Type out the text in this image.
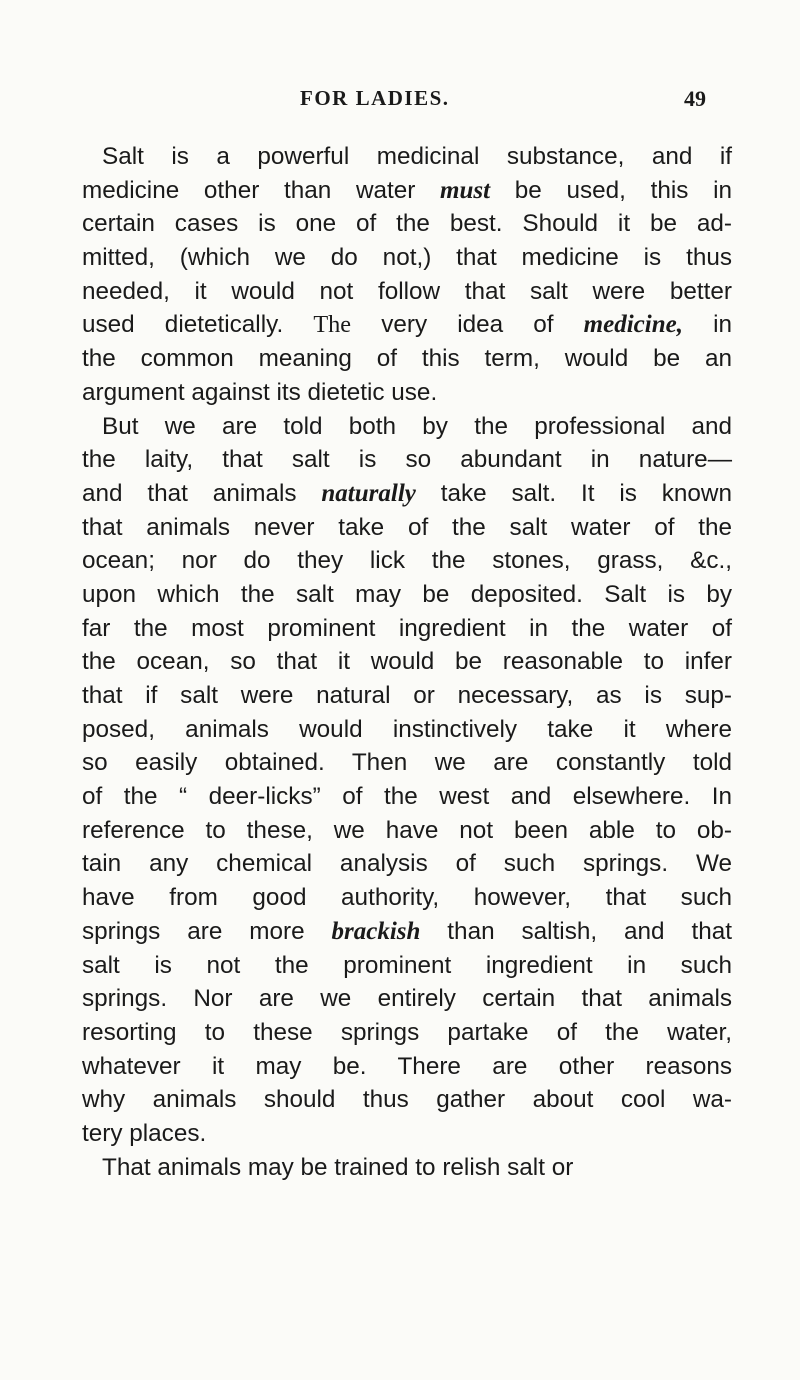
FOR LADIES.	49
Salt is a powerful medicinal substance, and if
medicine other than water must be used, this in
certain cases is one of the best. Should it be ad-
mitted, (which we do not,) that medicine is thus
needed, it would not follow that salt were better
used dietetically. The very idea of medicine, in
the common meaning of this term, would be an
argument against its dietetic use.
But we are told both by the professional and
the laity, that salt is so abundant in nature—
and that animals naturally take salt. It is known
that animals never take of the salt water of the
ocean; nor do they lick the stones, grass, &c.,
upon which the salt may be deposited. Salt is by
far the most prominent ingredient in the water of
the ocean, so that it would be reasonable to infer
that if salt were natural or necessary, as is sup-
posed, animals would instinctively take it where
so easily obtained. Then we are constantly told
of the “ deer-licks” of the west and elsewhere. In
reference to these, we have not been able to ob-
tain any chemical analysis of such springs. We
have from good authority, however, that such
springs are more brackish than saltish, and that
salt is not the prominent ingredient in such
springs. Nor are we entirely certain that animals
resorting to these springs partake of the water,
whatever it may be. There are other reasons
why animals should thus gather about cool wa-
tery places.
That animals may be trained to relish salt or
